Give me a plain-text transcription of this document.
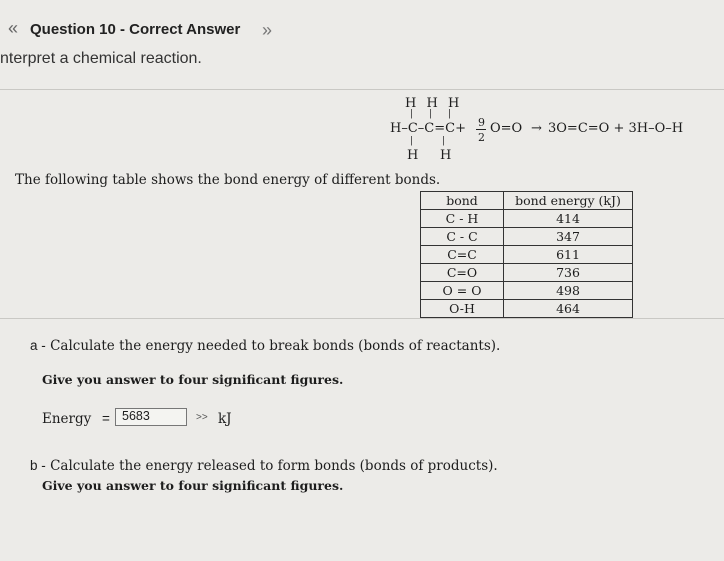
« Question 10 - Correct Answer »
nterpret a chemical reaction.
H H H
|||
H–C–C=C+ 9
2
O=O → 3O=C=O + 3H–O–H
|	|
H H
The following table shows the bond energy of different bonds.
bond	bond energy (kJ)
C - H	414
C - C	347
C=C	611
C=O	736
O = O	498
O-H	464
a - Calculate the energy needed to break bonds (bonds of reactants).
Give you answer to four significant figures.
Energy = 5683	>> kJ
b - Calculate the energy released to form bonds (bonds of products).
Give you answer to four significant figures.
